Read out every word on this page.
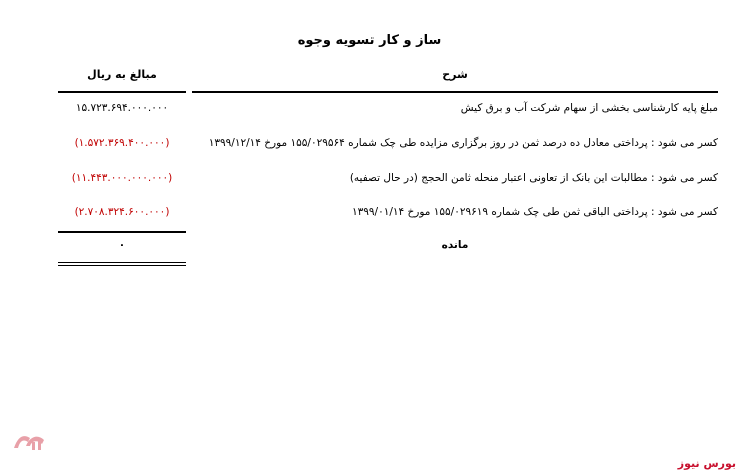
ساز و کار تسویه وجوه
شرح
مبالغ به ریال
مبلغ پایه کارشناسی بخشی از سهام شرکت آب و برق کیش
۱۵.۷۲۳.۶۹۴.۰۰۰.۰۰۰
کسر می شود : پرداختی معادل ده درصد ثمن در روز برگزاری مزایده طی چک شماره ۱۵۵/۰۲۹۵۶۴ مورخ ۱۳۹۹/۱۲/۱۴
(۱.۵۷۲.۳۶۹.۴۰۰.۰۰۰)
کسر می شود : مطالبات این بانک از تعاونی اعتبار منحله ثامن الحجج (در حال تصفیه)
(۱۱.۴۴۳.۰۰۰.۰۰۰.۰۰۰)
کسر می شود : پرداختی الباقی ثمن طی چک شماره ۱۵۵/۰۲۹۶۱۹ مورخ ۱۳۹۹/۰۱/۱۴
(۲.۷۰۸.۳۲۴.۶۰۰.۰۰۰)
مانده
۰
بورس نیوز
